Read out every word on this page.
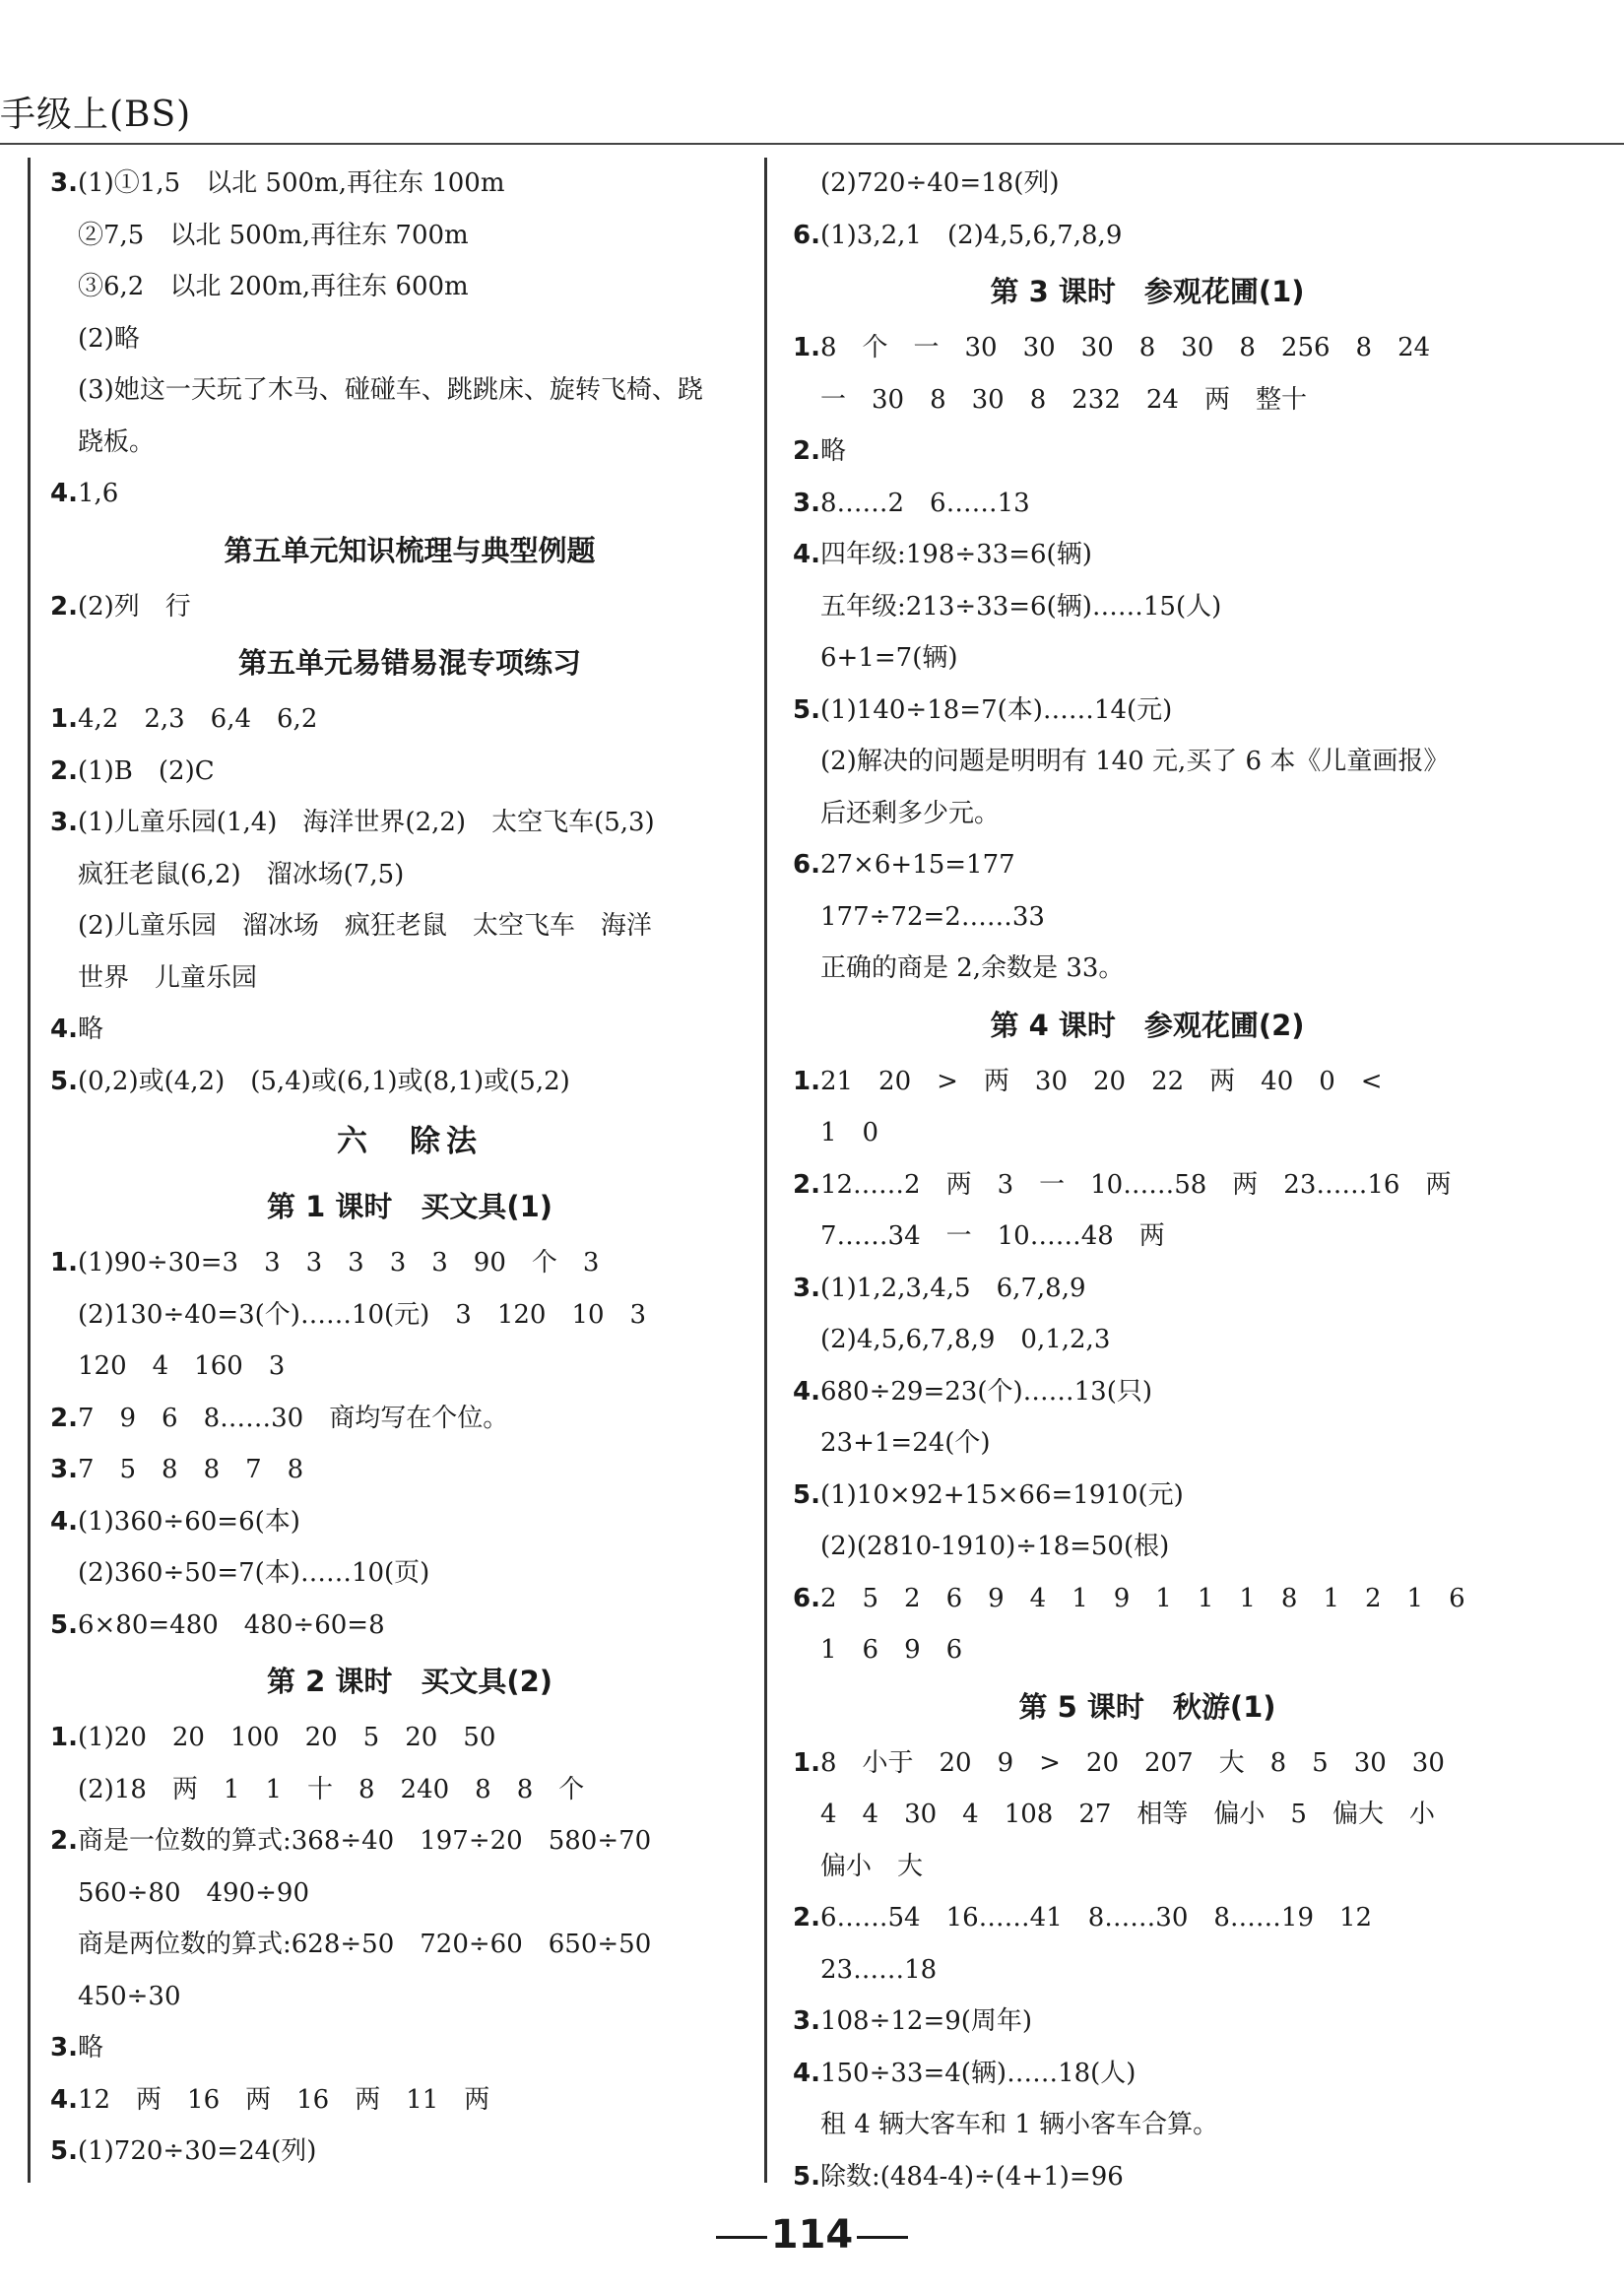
手级上(BS)
3.(1)①1,5　以北 500m,再往东 100m
②7,5　以北 500m,再往东 700m
③6,2　以北 200m,再往东 600m
(2)略
(3)她这一天玩了木马、碰碰车、跳跳床、旋转飞椅、跷
跷板。
4.1,6
第五单元知识梳理与典型例题
2.(2)列　行
第五单元易错易混专项练习
1.4,2　2,3　6,4　6,2
2.(1)B　(2)C
3.(1)儿童乐园(1,4)　海洋世界(2,2)　太空飞车(5,3)
疯狂老鼠(6,2)　溜冰场(7,5)
(2)儿童乐园　溜冰场　疯狂老鼠　太空飞车　海洋
世界　儿童乐园
4.略
5.(0,2)或(4,2)　(5,4)或(6,1)或(8,1)或(5,2)
六　除法
第 1 课时　买文具(1)
1.(1)90÷30=3　3　3　3　3　3　90　个　3
(2)130÷40=3(个)……10(元)　3　120　10　3
120　4　160　3
2.7　9　6　8……30　商均写在个位。
3.7　5　8　8　7　8
4.(1)360÷60=6(本)
(2)360÷50=7(本)……10(页)
5.6×80=480　480÷60=8
第 2 课时　买文具(2)
1.(1)20　20　100　20　5　20　50
(2)18　两　1　1　十　8　240　8　8　个
2.商是一位数的算式:368÷40　197÷20　580÷70
560÷80　490÷90
商是两位数的算式:628÷50　720÷60　650÷50
450÷30
3.略
4.12　两　16　两　16　两　11　两
5.(1)720÷30=24(列)
(2)720÷40=18(列)
6.(1)3,2,1　(2)4,5,6,7,8,9
第 3 课时　参观花圃(1)
1.8　个　一　30　30　30　8　30　8　256　8　24
一　30　8　30　8　232　24　两　整十
2.略
3.8……2　6……13
4.四年级:198÷33=6(辆)
五年级:213÷33=6(辆)……15(人)
6+1=7(辆)
5.(1)140÷18=7(本)……14(元)
(2)解决的问题是明明有 140 元,买了 6 本《儿童画报》
后还剩多少元。
6.27×6+15=177
177÷72=2……33
正确的商是 2,余数是 33。
第 4 课时　参观花圃(2)
1.21　20　>　两　30　20　22　两　40　0　<
1　0
2.12……2　两　3　一　10……58　两　23……16　两
7……34　一　10……48　两
3.(1)1,2,3,4,5　6,7,8,9
(2)4,5,6,7,8,9　0,1,2,3
4.680÷29=23(个)……13(只)
23+1=24(个)
5.(1)10×92+15×66=1910(元)
(2)(2810-1910)÷18=50(根)
6.2　5　2　6　9　4　1　9　1　1　1　8　1　2　1　6
1　6　9　6
第 5 课时　秋游(1)
1.8　小于　20　9　>　20　207　大　8　5　30　30
4　4　30　4　108　27　相等　偏小　5　偏大　小
偏小　大
2.6……54　16……41　8……30　8……19　12
23……18
3.108÷12=9(周年)
4.150÷33=4(辆)……18(人)
租 4 辆大客车和 1 辆小客车合算。
5.除数:(484-4)÷(4+1)=96
114
